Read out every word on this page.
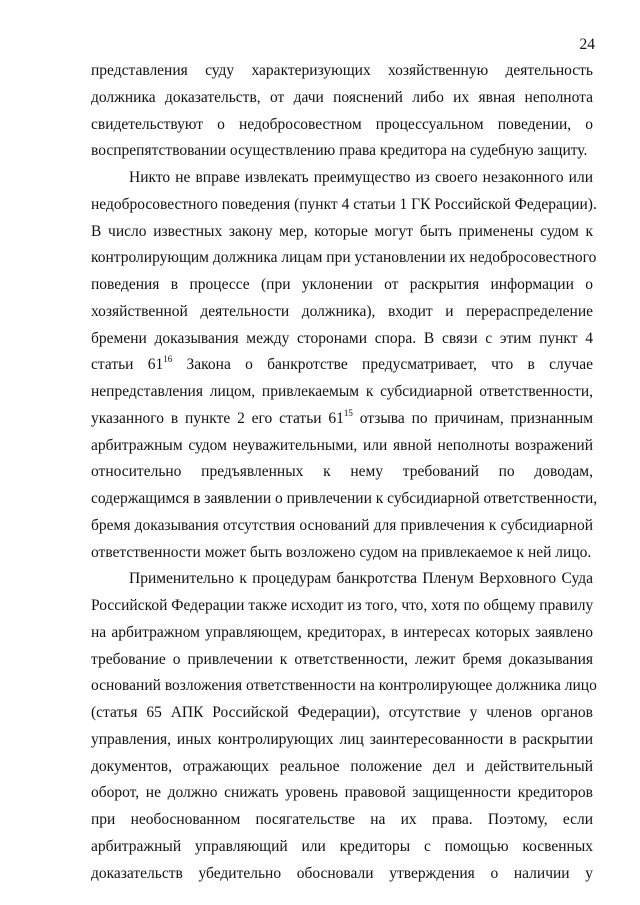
24
представления суду характеризующих хозяйственную деятельность
должника доказательств, от дачи пояснений либо их явная неполнота
свидетельствуют о недобросовестном процессуальном поведении, о
воспрепятствовании осуществлению права кредитора на судебную защиту.
Никто не вправе извлекать преимущество из своего незаконного или
недобросовестного поведения (пункт 4 статьи 1 ГК Российской Федерации).
В число известных закону мер, которые могут быть применены судом к
контролирующим должника лицам при установлении их недобросовестного
поведения в процессе (при уклонении от раскрытия информации о
хозяйственной деятельности должника), входит и перераспределение
бремени доказывания между сторонами спора. В связи с этим пункт 4
статьи $61^{16}$ Закона о банкротстве предусматривает, что в случае
непредставления лицом, привлекаемым к субсидиарной ответственности,
указанного в пункте 2 его статьи $61^{15}$ отзыва по причинам, признанным
арбитражным судом неуважительными, или явной неполноты возражений
относительно предъявленных к нему требований по доводам,
содержащимся в заявлении о привлечении к субсидиарной ответственности,
бремя доказывания отсутствия оснований для привлечения к субсидиарной
ответственности может быть возложено судом на привлекаемое к ней лицо.
Применительно к процедурам банкротства Пленум Верховного Суда
Российской Федерации также исходит из того, что, хотя по общему правилу
на арбитражном управляющем, кредиторах, в интересах которых заявлено
требование о привлечении к ответственности, лежит бремя доказывания
оснований возложения ответственности на контролирующее должника лицо
(статья 65 АПК Российской Федерации), отсутствие у членов органов
управления, иных контролирующих лиц заинтересованности в раскрытии
документов, отражающих реальное положение дел и действительный
оборот, не должно снижать уровень правовой защищенности кредиторов
при необоснованном посягательстве на их права. Поэтому, если
арбитражный управляющий или кредиторы с помощью косвенных
доказательств убедительно обосновали утверждения о наличии у
